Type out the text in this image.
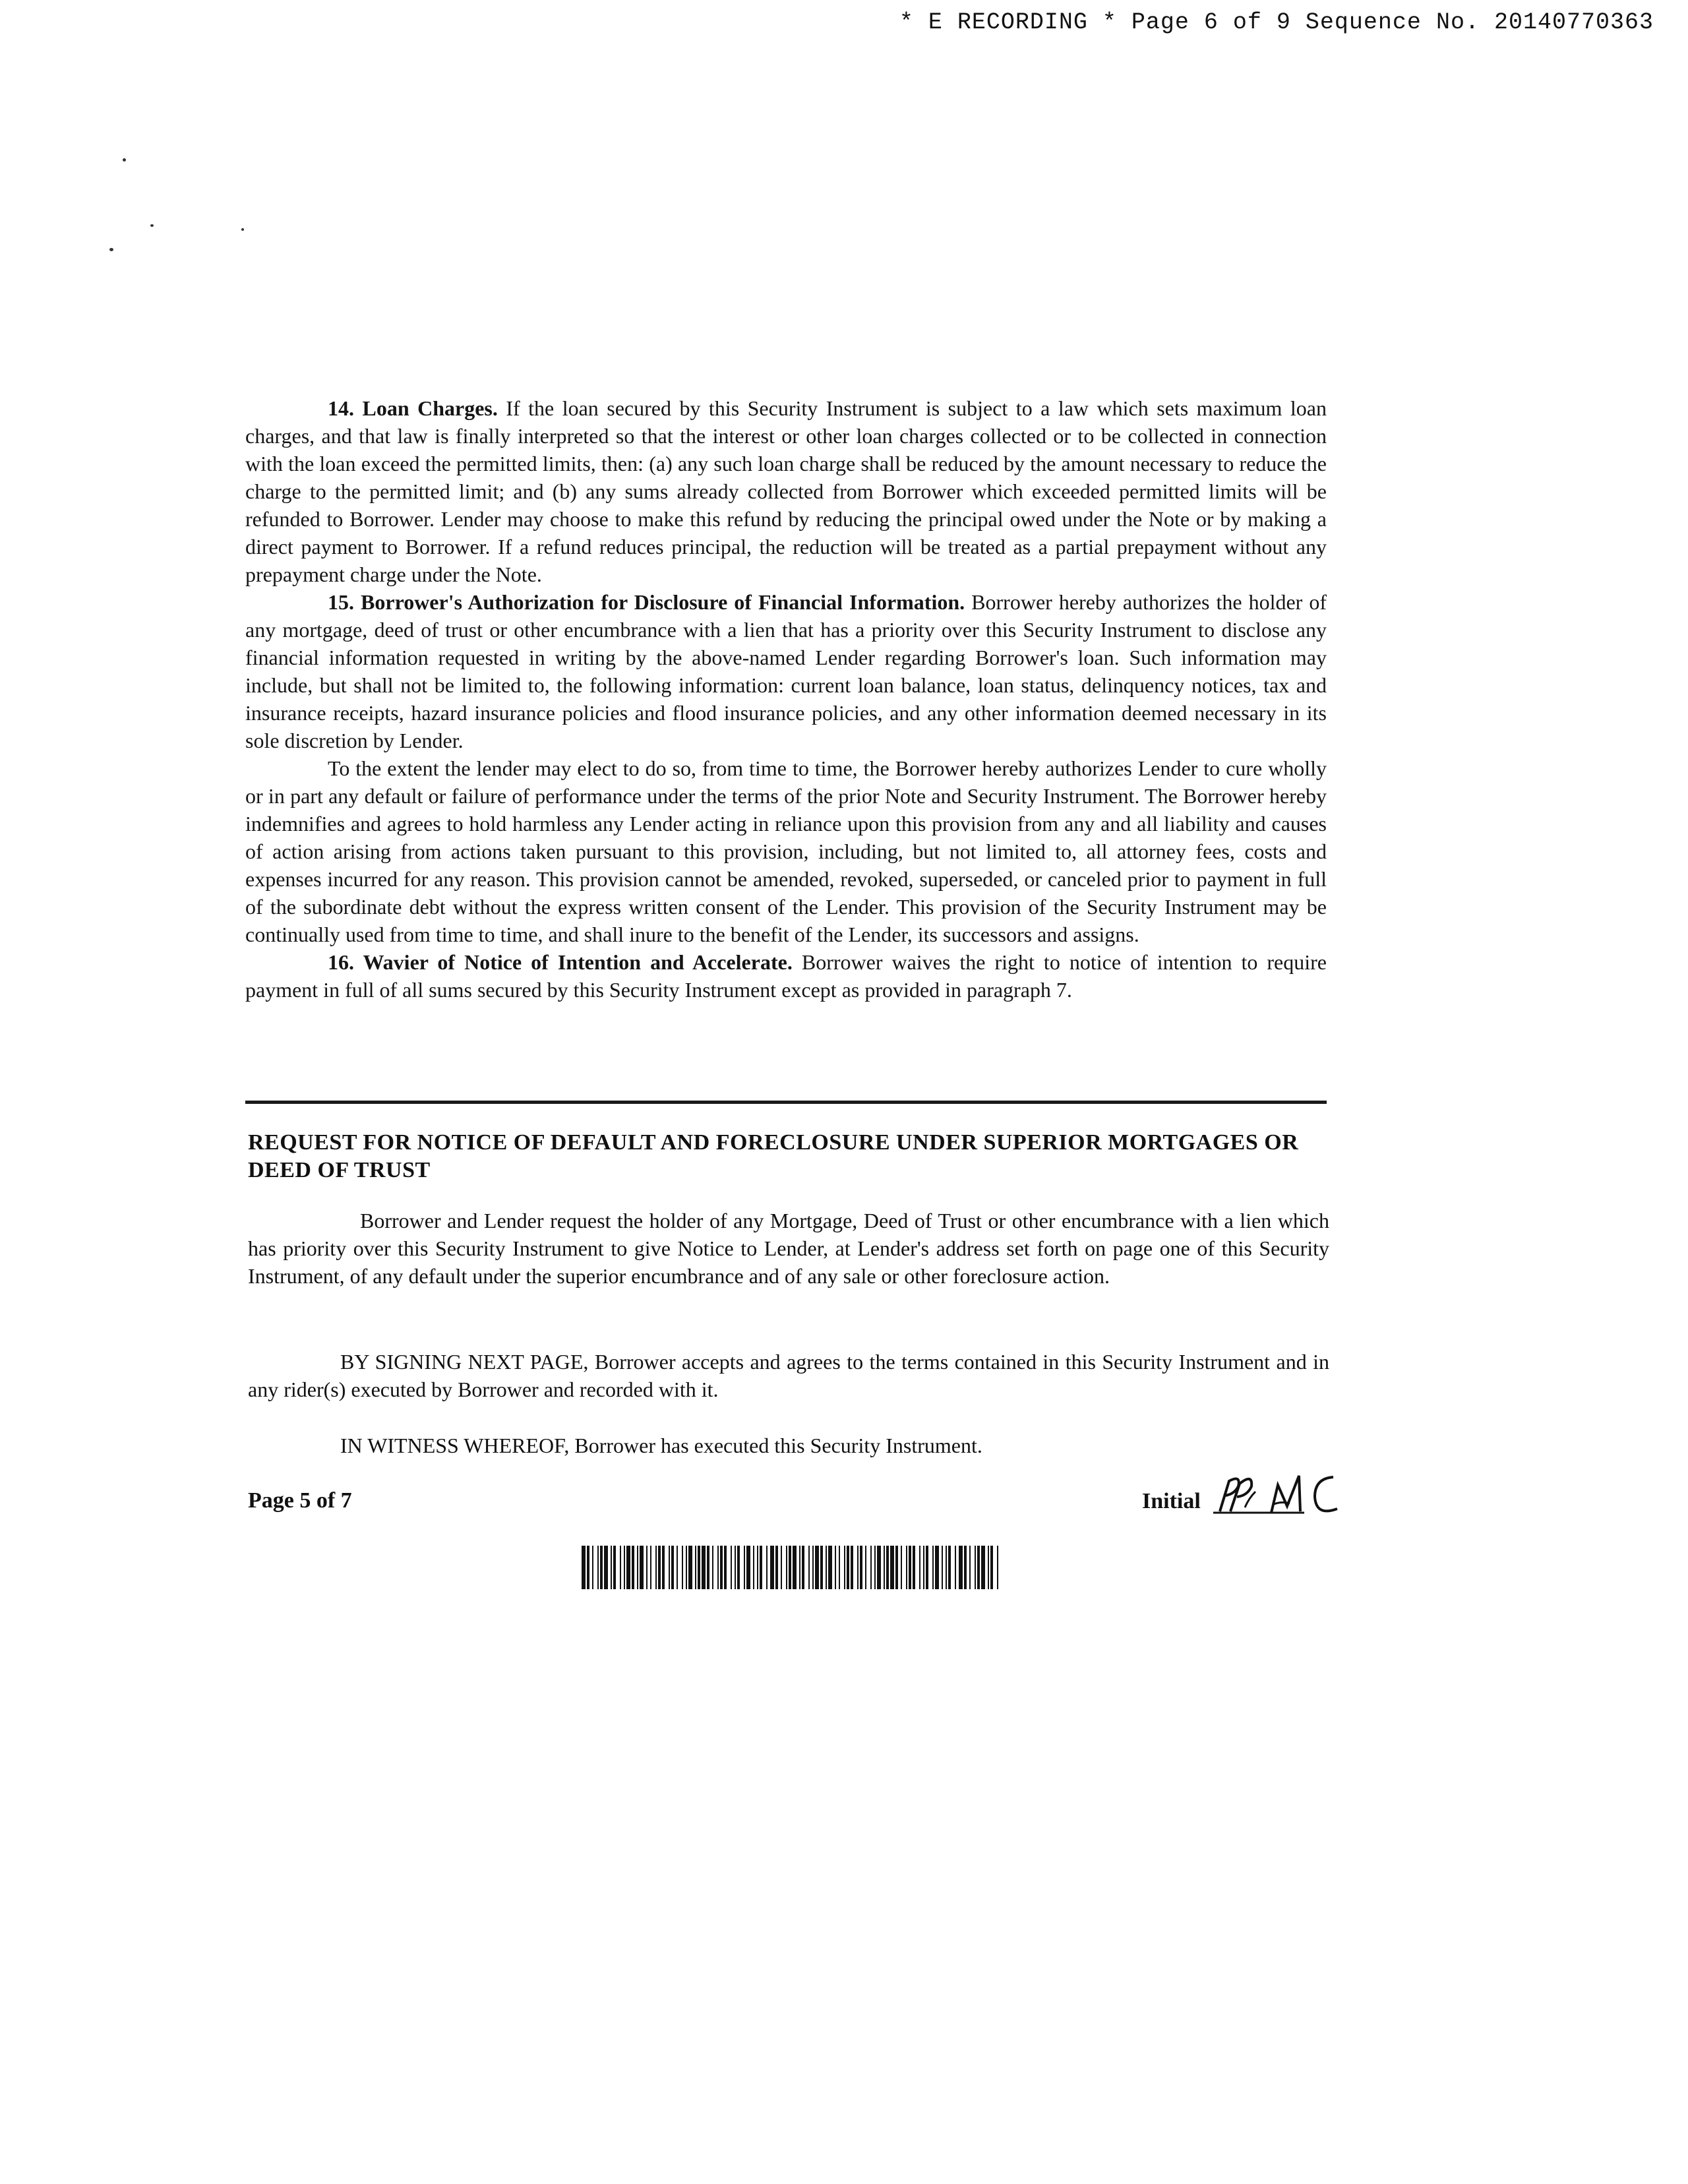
* E RECORDING * Page 6 of 9 Sequence No. 20140770363

14. Loan Charges. If the loan secured by this Security Instrument is subject to a law which sets maximum loan charges, and that law is finally interpreted so that the interest or other loan charges collected or to be collected in connection with the loan exceed the permitted limits, then: (a) any such loan charge shall be reduced by the amount necessary to reduce the charge to the permitted limit; and (b) any sums already collected from Borrower which exceeded permitted limits will be refunded to Borrower. Lender may choose to make this refund by reducing the principal owed under the Note or by making a direct payment to Borrower. If a refund reduces principal, the reduction will be treated as a partial prepayment without any prepayment charge under the Note.

15. Borrower's Authorization for Disclosure of Financial Information. Borrower hereby authorizes the holder of any mortgage, deed of trust or other encumbrance with a lien that has a priority over this Security Instrument to disclose any financial information requested in writing by the above-named Lender regarding Borrower's loan. Such information may include, but shall not be limited to, the following information: current loan balance, loan status, delinquency notices, tax and insurance receipts, hazard insurance policies and flood insurance policies, and any other information deemed necessary in its sole discretion by Lender.

To the extent the lender may elect to do so, from time to time, the Borrower hereby authorizes Lender to cure wholly or in part any default or failure of performance under the terms of the prior Note and Security Instrument. The Borrower hereby indemnifies and agrees to hold harmless any Lender acting in reliance upon this provision from any and all liability and causes of action arising from actions taken pursuant to this provision, including, but not limited to, all attorney fees, costs and expenses incurred for any reason. This provision cannot be amended, revoked, superseded, or canceled prior to payment in full of the subordinate debt without the express written consent of the Lender. This provision of the Security Instrument may be continually used from time to time, and shall inure to the benefit of the Lender, its successors and assigns.

16. Wavier of Notice of Intention and Accelerate. Borrower waives the right to notice of intention to require payment in full of all sums secured by this Security Instrument except as provided in paragraph 7.

REQUEST FOR NOTICE OF DEFAULT AND FORECLOSURE UNDER SUPERIOR MORTGAGES OR DEED OF TRUST
Borrower and Lender request the holder of any Mortgage, Deed of Trust or other encumbrance with a lien which has priority over this Security Instrument to give Notice to Lender, at Lender's address set forth on page one of this Security Instrument, of any default under the superior encumbrance and of any sale or other foreclosure action.
BY SIGNING NEXT PAGE, Borrower accepts and agrees to the terms contained in this Security Instrument and in any rider(s) executed by Borrower and recorded with it.
IN WITNESS WHEREOF, Borrower has executed this Security Instrument.
Page 5 of 7	Initial
